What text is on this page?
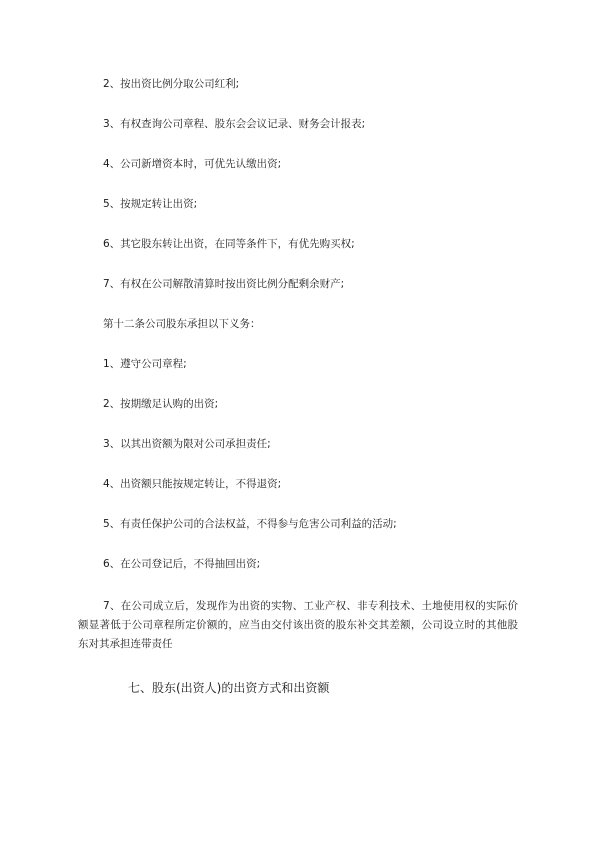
2、按出资比例分取公司红利;
3、有权查询公司章程、股东会会议记录、财务会计报表;
4、公司新增资本时，可优先认缴出资;
5、按规定转让出资;
6、其它股东转让出资，在同等条件下，有优先购买权;
7、有权在公司解散清算时按出资比例分配剩余财产;
第十二条公司股东承担以下义务：
1、遵守公司章程;
2、按期缴足认购的出资;
3、以其出资额为限对公司承担责任;
4、出资额只能按规定转让，不得退资;
5、有责任保护公司的合法权益，不得参与危害公司利益的活动;
6、在公司登记后，不得抽回出资;
7、在公司成立后，发现作为出资的实物、工业产权、非专利技术、土地使用权的实际价额显著低于公司章程所定价额的，应当由交付该出资的股东补交其差额，公司设立时的其他股东对其承担连带责任
七、股东(出资人)的出资方式和出资额
